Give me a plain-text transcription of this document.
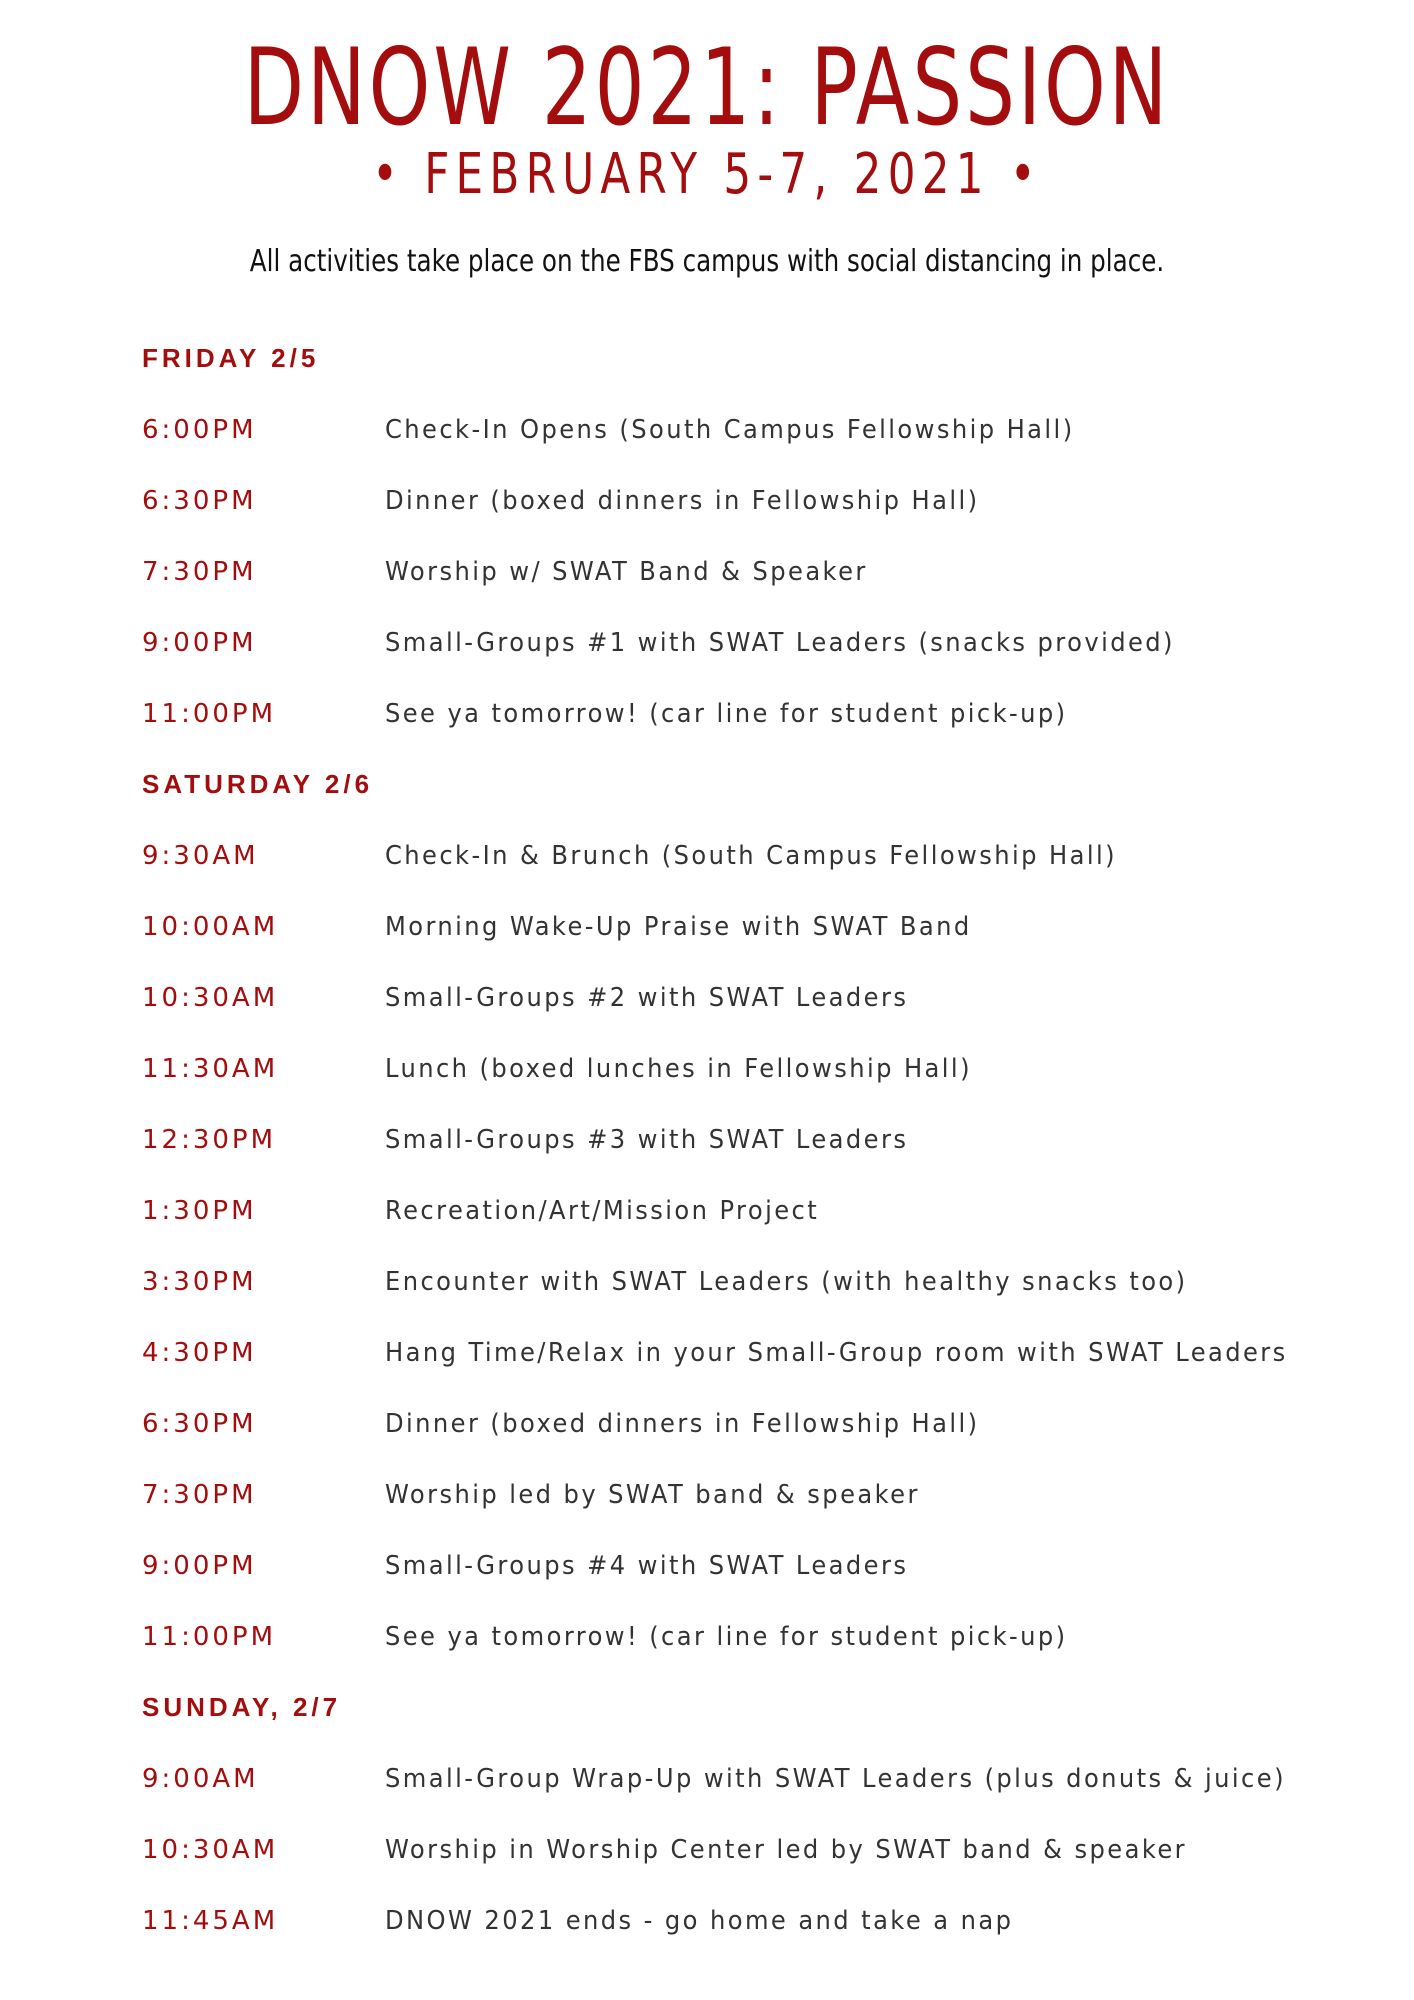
DNOW 2021: PASSION
• FEBRUARY 5-7, 2021 •
All activities take place on the FBS campus with social distancing in place.
FRIDAY 2/5
6:00PM	Check-In Opens (South Campus Fellowship Hall)
6:30PM	Dinner (boxed dinners in Fellowship Hall)
7:30PM	Worship w/ SWAT Band & Speaker
9:00PM	Small-Groups #1 with SWAT Leaders (snacks provided)
11:00PM	See ya tomorrow! (car line for student pick-up)
SATURDAY 2/6
9:30AM	Check-In & Brunch (South Campus Fellowship Hall)
10:00AM	Morning Wake-Up Praise with SWAT Band
10:30AM	Small-Groups #2 with SWAT Leaders
11:30AM	Lunch (boxed lunches in Fellowship Hall)
12:30PM	Small-Groups #3 with SWAT Leaders
1:30PM	Recreation/Art/Mission Project
3:30PM	Encounter with SWAT Leaders (with healthy snacks too)
4:30PM	Hang Time/Relax in your Small-Group room with SWAT Leaders
6:30PM	Dinner (boxed dinners in Fellowship Hall)
7:30PM	Worship led by SWAT band & speaker
9:00PM	Small-Groups #4 with SWAT Leaders
11:00PM	See ya tomorrow! (car line for student pick-up)
SUNDAY, 2/7
9:00AM	Small-Group Wrap-Up with SWAT Leaders (plus donuts & juice)
10:30AM	Worship in Worship Center led by SWAT band & speaker
11:45AM	DNOW 2021 ends - go home and take a nap
